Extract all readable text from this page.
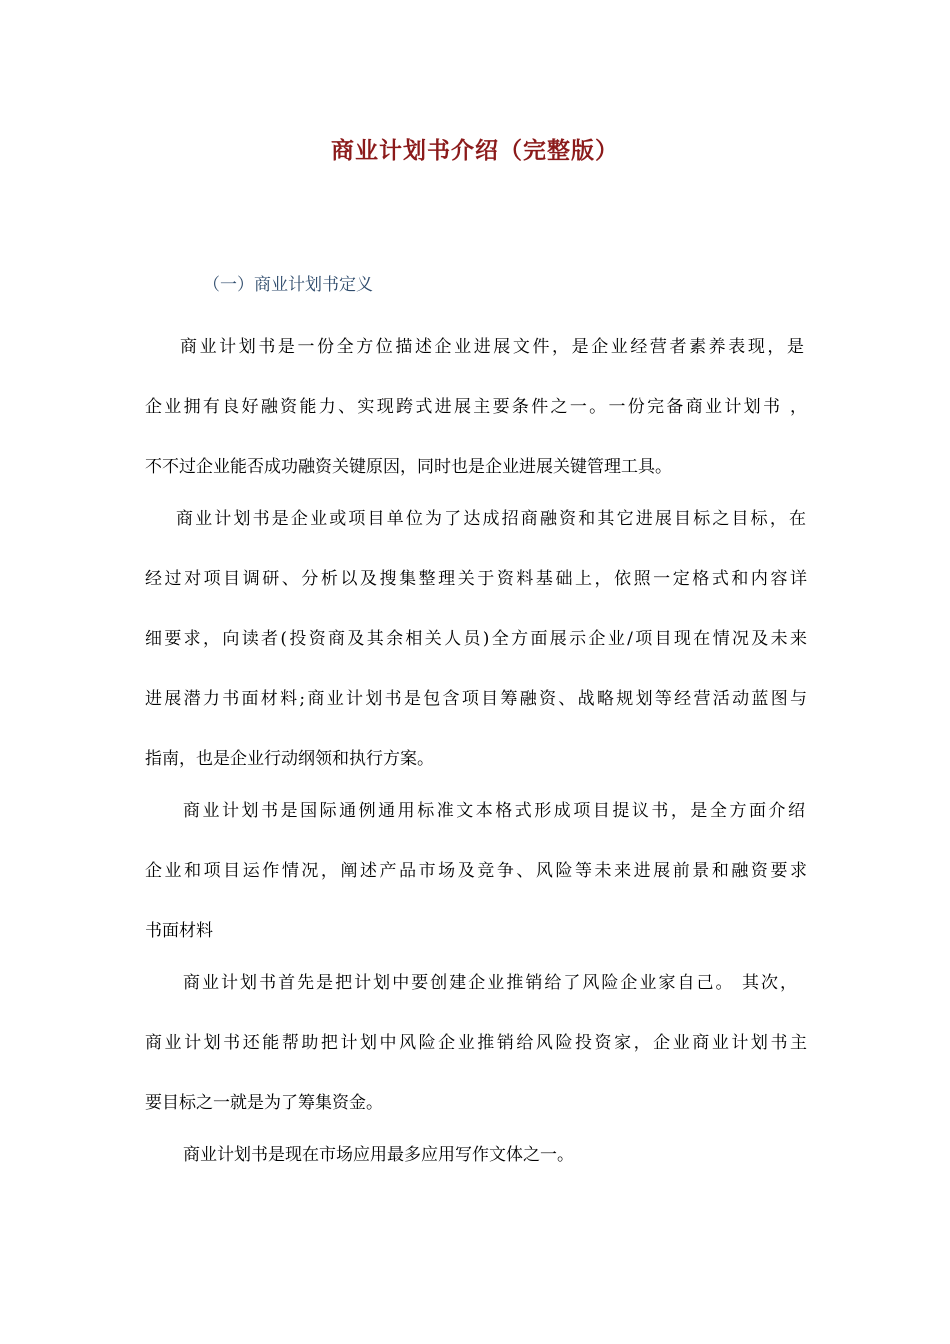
商业计划书介绍（完整版）
（一）商业计划书定义
商业计划书是一份全方位描述企业进展文件，是企业经营者素养表现，是
企业拥有良好融资能力、实现跨式进展主要条件之一。一份完备商业计划书 ，
不不过企业能否成功融资关键原因，同时也是企业进展关键管理工具。
商业计划书是企业或项目单位为了达成招商融资和其它进展目标之目标，在
经过对项目调研、分析以及搜集整理关于资料基础上，依照一定格式和内容详
细要求，向读者(投资商及其余相关人员)全方面展示企业/项目现在情况及未来
进展潜力书面材料;商业计划书是包含项目筹融资、战略规划等经营活动蓝图与
指南，也是企业行动纲领和执行方案。
商业计划书是国际通例通用标准文本格式形成项目提议书，是全方面介绍
企业和项目运作情况，阐述产品市场及竞争、风险等未来进展前景和融资要求
书面材料
商业计划书首先是把计划中要创建企业推销给了风险企业家自己。 其次，
商业计划书还能帮助把计划中风险企业推销给风险投资家，企业商业计划书主
要目标之一就是为了筹集资金。
商业计划书是现在市场应用最多应用写作文体之一。
